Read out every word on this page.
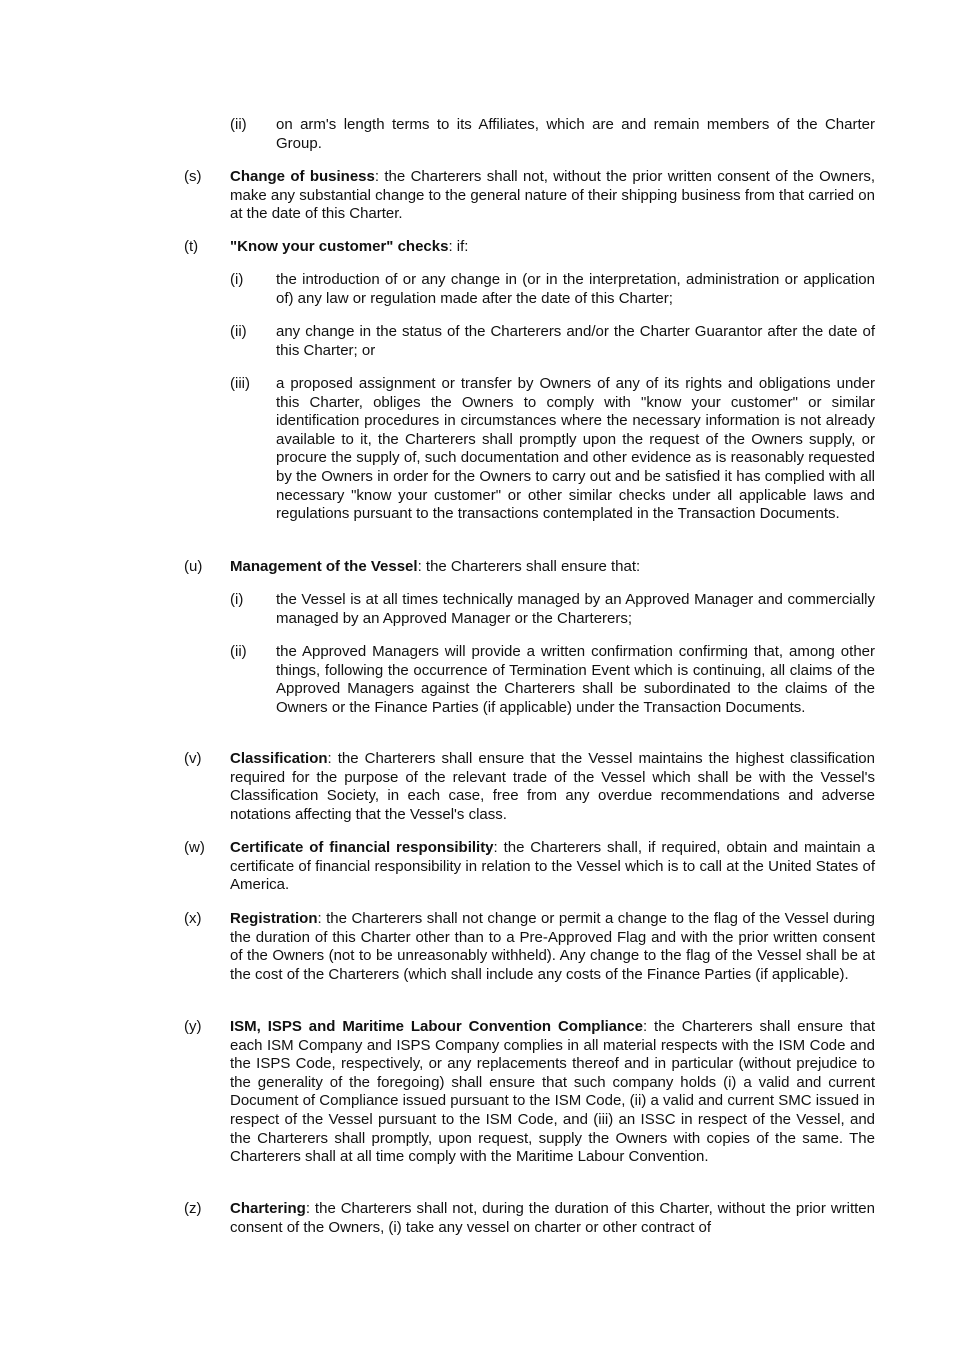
(ii) on arm's length terms to its Affiliates, which are and remain members of the Charter Group.

(s) Change of business: the Charterers shall not, without the prior written consent of the Owners, make any substantial change to the general nature of their shipping business from that carried on at the date of this Charter.

(t) "Know your customer" checks: if:

(i) the introduction of or any change in (or in the interpretation, administration or application of) any law or regulation made after the date of this Charter;

(ii) any change in the status of the Charterers and/or the Charter Guarantor after the date of this Charter; or

(iii) a proposed assignment or transfer by Owners of any of its rights and obligations under this Charter, obliges the Owners to comply with "know your customer" or similar identification procedures in circumstances where the necessary information is not already available to it, the Charterers shall promptly upon the request of the Owners supply, or procure the supply of, such documentation and other evidence as is reasonably requested by the Owners in order for the Owners to carry out and be satisfied it has complied with all necessary "know your customer" or other similar checks under all applicable laws and regulations pursuant to the transactions contemplated in the Transaction Documents.

(u) Management of the Vessel: the Charterers shall ensure that:

(i) the Vessel is at all times technically managed by an Approved Manager and commercially managed by an Approved Manager or the Charterers;

(ii) the Approved Managers will provide a written confirmation confirming that, among other things, following the occurrence of Termination Event which is continuing, all claims of the Approved Managers against the Charterers shall be subordinated to the claims of the Owners or the Finance Parties (if applicable) under the Transaction Documents.

(v) Classification: the Charterers shall ensure that the Vessel maintains the highest classification required for the purpose of the relevant trade of the Vessel which shall be with the Vessel's Classification Society, in each case, free from any overdue recommendations and adverse notations affecting that the Vessel's class.

(w) Certificate of financial responsibility: the Charterers shall, if required, obtain and maintain a certificate of financial responsibility in relation to the Vessel which is to call at the United States of America.

(x) Registration: the Charterers shall not change or permit a change to the flag of the Vessel during the duration of this Charter other than to a Pre-Approved Flag and with the prior written consent of the Owners (not to be unreasonably withheld). Any change to the flag of the Vessel shall be at the cost of the Charterers (which shall include any costs of the Finance Parties (if applicable).

(y) ISM, ISPS and Maritime Labour Convention Compliance: the Charterers shall ensure that each ISM Company and ISPS Company complies in all material respects with the ISM Code and the ISPS Code, respectively, or any replacements thereof and in particular (without prejudice to the generality of the foregoing) shall ensure that such company holds (i) a valid and current Document of Compliance issued pursuant to the ISM Code, (ii) a valid and current SMC issued in respect of the Vessel pursuant to the ISM Code, and (iii) an ISSC in respect of the Vessel, and the Charterers shall promptly, upon request, supply the Owners with copies of the same. The Charterers shall at all time comply with the Maritime Labour Convention.

(z) Chartering: the Charterers shall not, during the duration of this Charter, without the prior written consent of the Owners, (i) take any vessel on charter or other contract of
